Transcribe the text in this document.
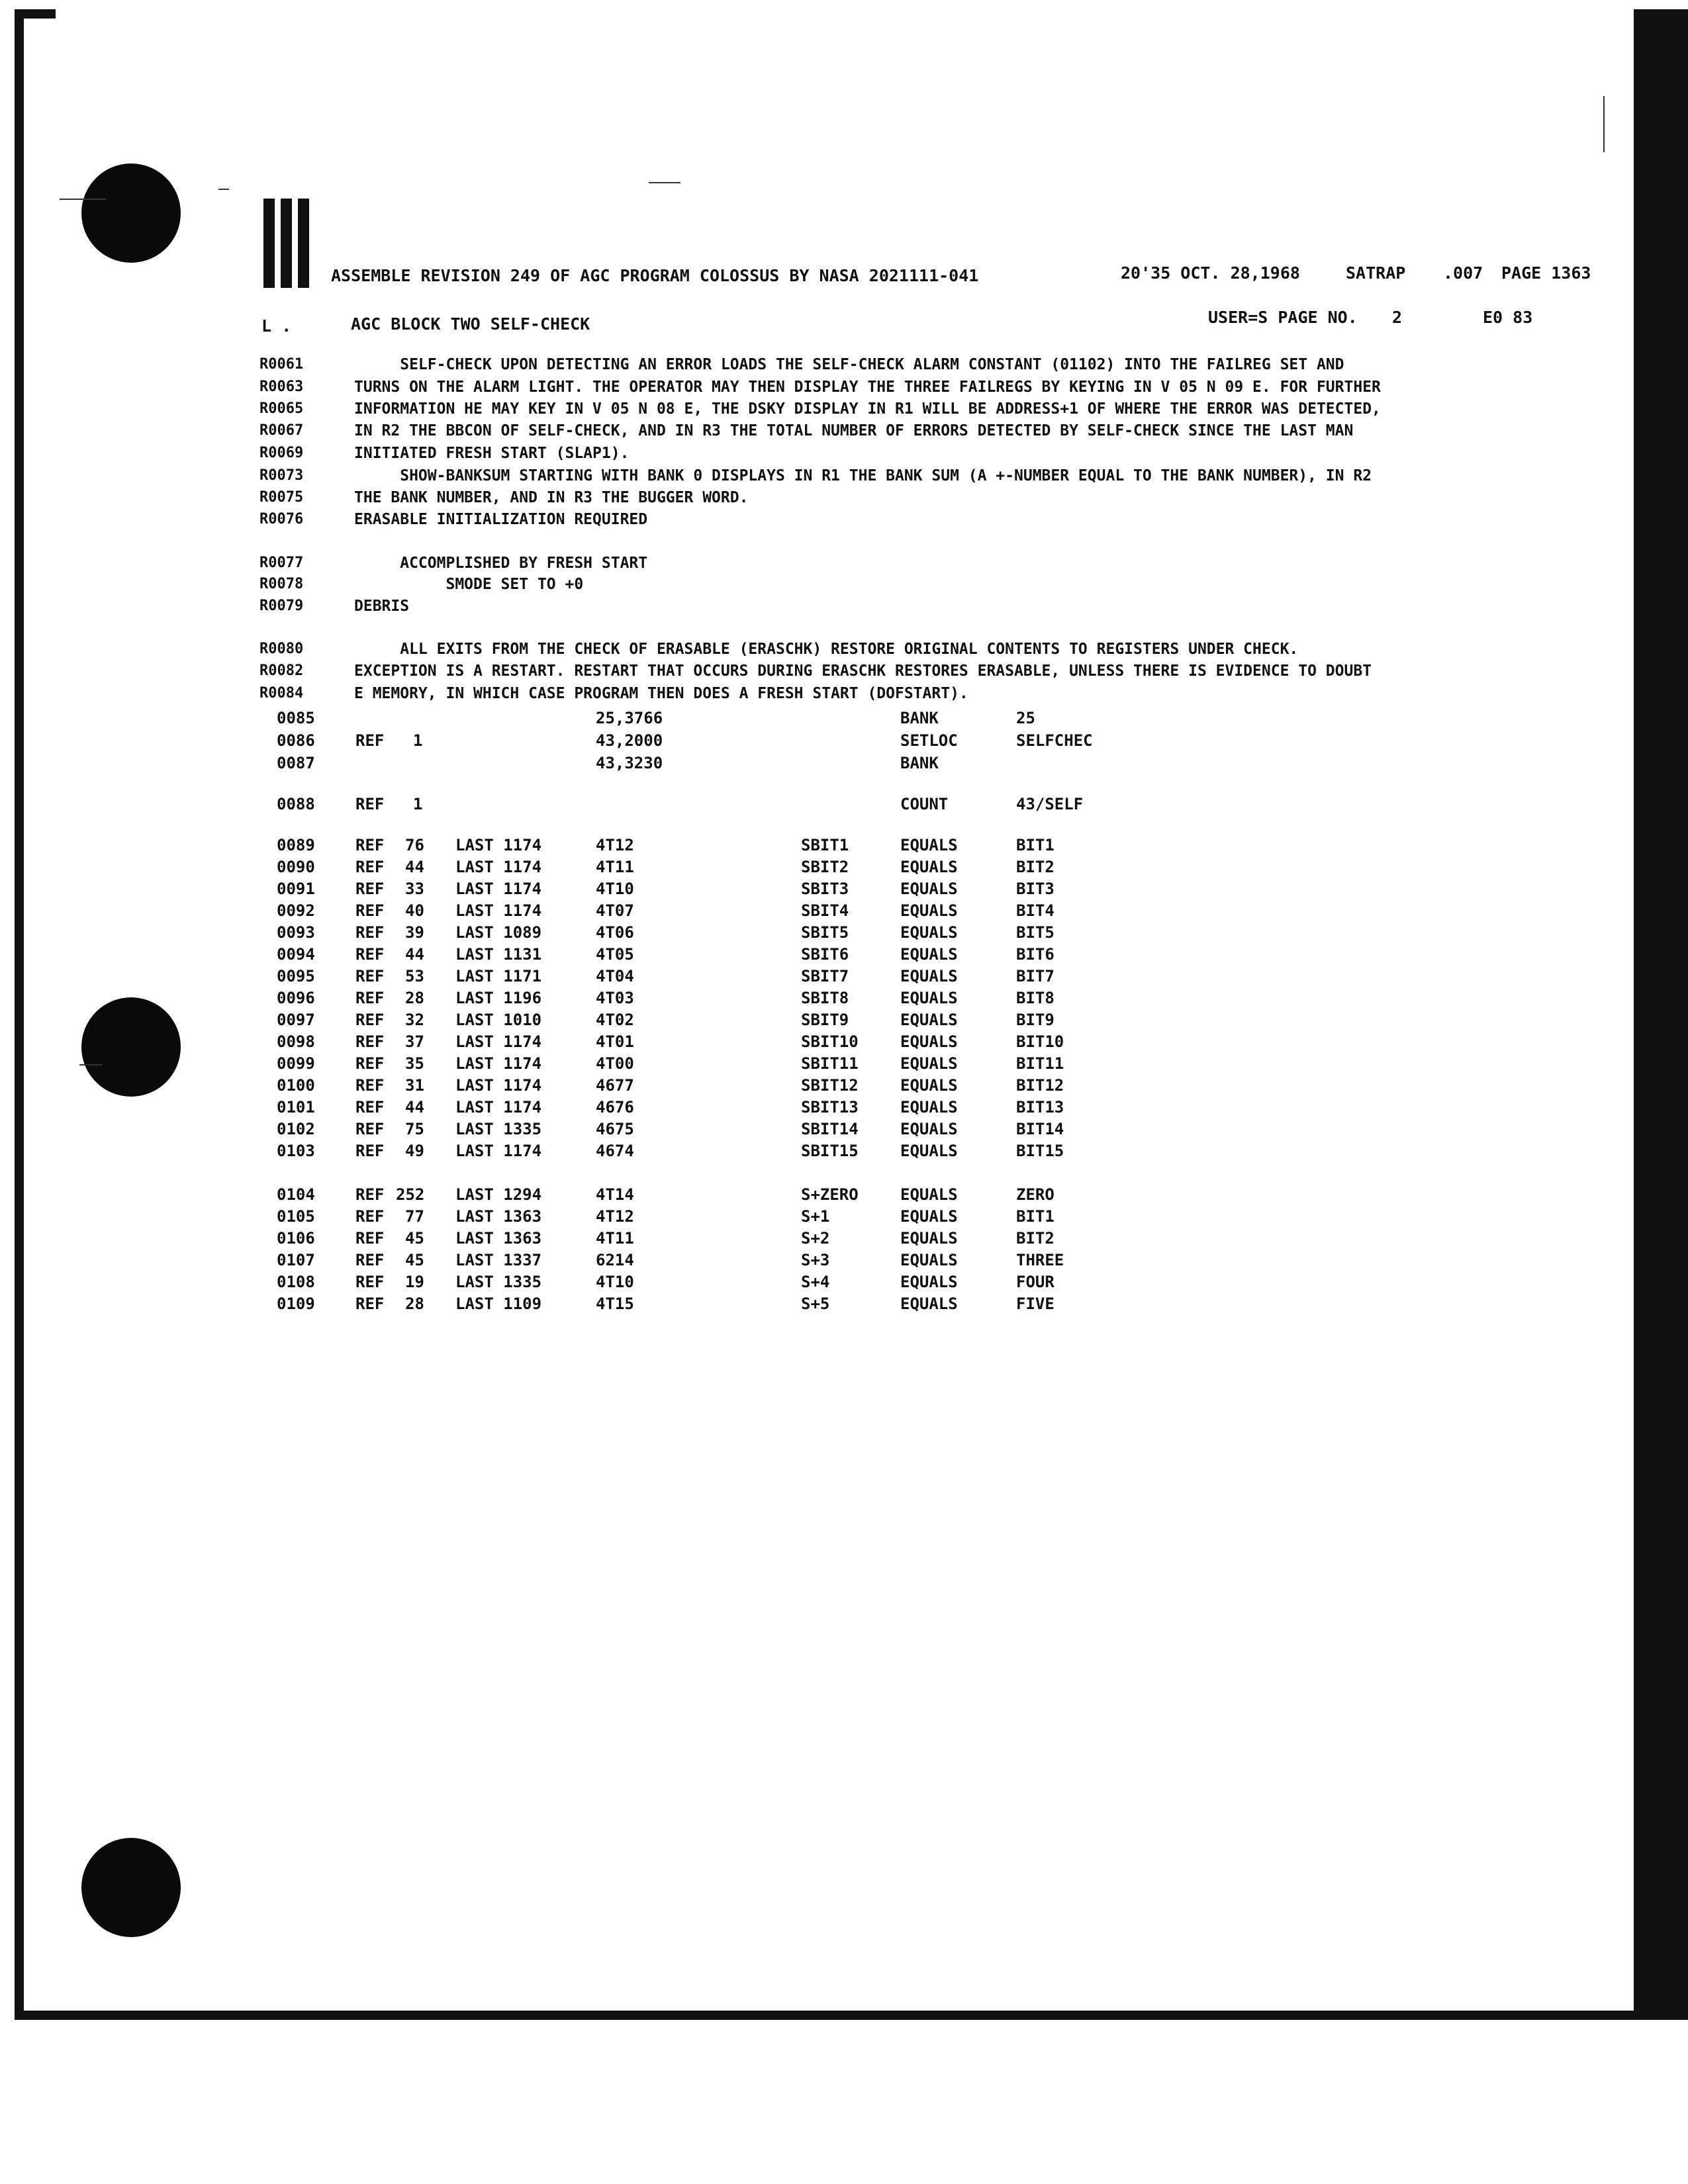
ASSEMBLE REVISION 249 OF AGC PROGRAM COLOSSUS BY NASA 2021111-041	20'35 OCT. 28,1968	SATRAP .007 PAGE 1363
L .	AGC BLOCK TWO SELF-CHECK	USER=S PAGE NO. 2	E0 83
R0061	SELF-CHECK UPON DETECTING AN ERROR LOADS THE SELF-CHECK ALARM CONSTANT (01102) INTO THE FAILREG SET AND
R0063	TURNS ON THE ALARM LIGHT. THE OPERATOR MAY THEN DISPLAY THE THREE FAILREGS BY KEYING IN V 05 N 09 E. FOR FURTHER
R0065	INFORMATION HE MAY KEY IN V 05 N 08 E, THE DSKY DISPLAY IN R1 WILL BE ADDRESS+1 OF WHERE THE ERROR WAS DETECTED,
R0067	IN R2 THE BBCON OF SELF-CHECK, AND IN R3 THE TOTAL NUMBER OF ERRORS DETECTED BY SELF-CHECK SINCE THE LAST MAN
R0069	INITIATED FRESH START (SLAP1).
R0073	SHOW-BANKSUM STARTING WITH BANK 0 DISPLAYS IN R1 THE BANK SUM (A +-NUMBER EQUAL TO THE BANK NUMBER), IN R2
R0075	THE BANK NUMBER, AND IN R3 THE BUGGER WORD.
R0076	ERASABLE INITIALIZATION REQUIRED
R0077	ACCOMPLISHED BY FRESH START
R0078	SMODE SET TO +0
R0079	DEBRIS
R0080	ALL EXITS FROM THE CHECK OF ERASABLE (ERASCHK) RESTORE ORIGINAL CONTENTS TO REGISTERS UNDER CHECK.
R0082	EXCEPTION IS A RESTART. RESTART THAT OCCURS DURING ERASCHK RESTORES ERASABLE, UNLESS THERE IS EVIDENCE TO DOUBT
R0084	E MEMORY, IN WHICH CASE PROGRAM THEN DOES A FRESH START (DOFSTART).
0085	25,3766	BANK	25
0086	REF 1	43,2000	SETLOC	SELFCHEC
0087	43,3230	BANK
0088	REF 1	COUNT	43/SELF
0089	REF 76 LAST 1174	4T12	SBIT1	EQUALS	BIT1
0090	REF 44 LAST 1174	4T11	SBIT2	EQUALS	BIT2
0091	REF 33 LAST 1174	4T10	SBIT3	EQUALS	BIT3
0092	REF 40 LAST 1174	4T07	SBIT4	EQUALS	BIT4
0093	REF 39 LAST 1089	4T06	SBIT5	EQUALS	BIT5
0094	REF 44 LAST 1131	4T05	SBIT6	EQUALS	BIT6
0095	REF 53 LAST 1171	4T04	SBIT7	EQUALS	BIT7
0096	REF 28 LAST 1196	4T03	SBIT8	EQUALS	BIT8
0097	REF 32 LAST 1010	4T02	SBIT9	EQUALS	BIT9
0098	REF 37 LAST 1174	4T01	SBIT10	EQUALS	BIT10
0099	REF 35 LAST 1174	4T00	SBIT11	EQUALS	BIT11
0100	REF 31 LAST 1174	4677	SBIT12	EQUALS	BIT12
0101	REF 44 LAST 1174	4676	SBIT13	EQUALS	BIT13
0102	REF 75 LAST 1335	4675	SBIT14	EQUALS	BIT14
0103	REF 49 LAST 1174	4674	SBIT15	EQUALS	BIT15
0104	REF 252 LAST 1294	4T14	S+ZERO	EQUALS	ZERO
0105	REF 77 LAST 1363	4T12	S+1	EQUALS	BIT1
0106	REF 45 LAST 1363	4T11	S+2	EQUALS	BIT2
0107	REF 45 LAST 1337	6214	S+3	EQUALS	THREE
0108	REF 19 LAST 1335	4T10	S+4	EQUALS	FOUR
0109	REF 28 LAST 1109	4T15	S+5	EQUALS	FIVE
